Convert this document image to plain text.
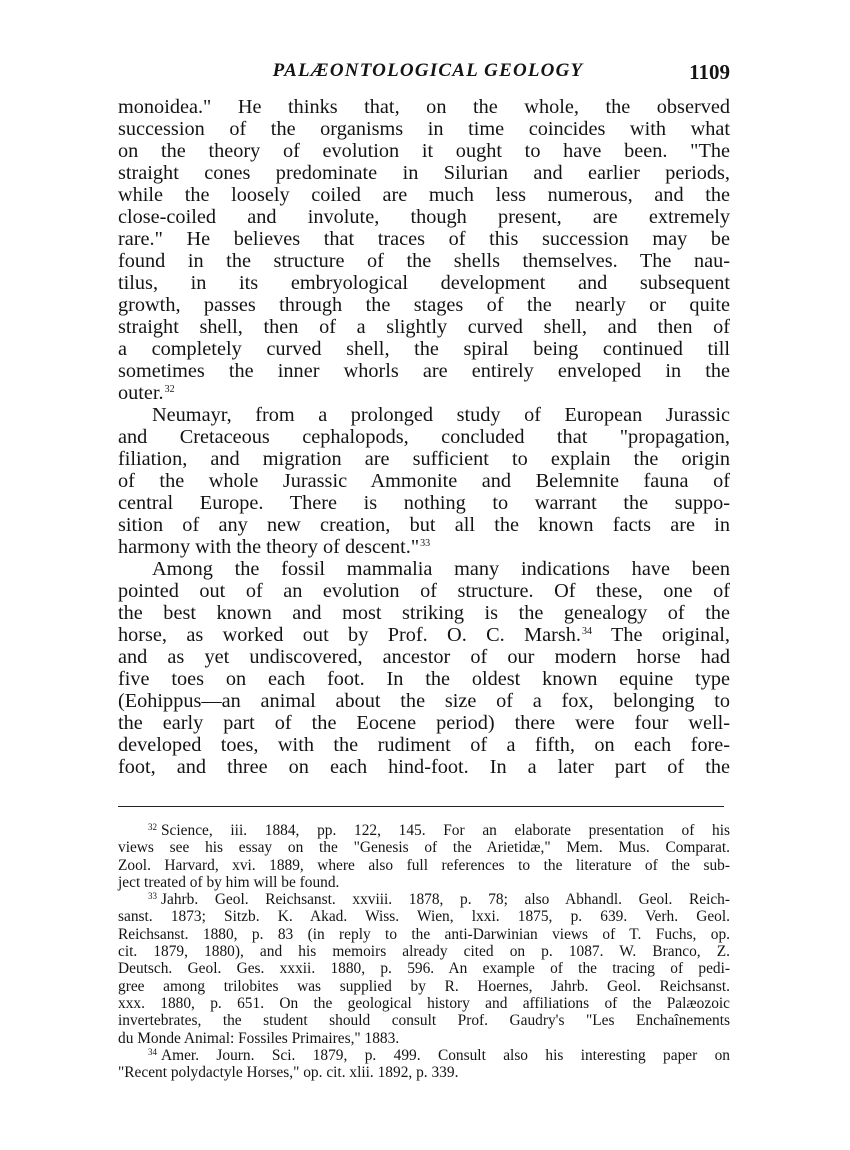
PALÆONTOLOGICAL GEOLOGY	1109
monoidea." He thinks that, on the whole, the observed
succession of the organisms in time coincides with what
on the theory of evolution it ought to have been. "The
straight cones predominate in Silurian and earlier periods,
while the loosely coiled are much less numerous, and the
close-coiled and involute, though present, are extremely
rare." He believes that traces of this succession may be
found in the structure of the shells themselves. The nau-
tilus, in its embryological development and subsequent
growth, passes through the stages of the nearly or quite
straight shell, then of a slightly curved shell, and then of
a completely curved shell, the spiral being continued till
sometimes the inner whorls are entirely enveloped in the
outer.$^{32}$
Neumayr, from a prolonged study of European Jurassic
and Cretaceous cephalopods, concluded that "propagation,
filiation, and migration are sufficient to explain the origin
of the whole Jurassic Ammonite and Belemnite fauna of
central Europe. There is nothing to warrant the suppo-
sition of any new creation, but all the known facts are in
harmony with the theory of descent."$^{33}$
Among the fossil mammalia many indications have been
pointed out of an evolution of structure. Of these, one of
the best known and most striking is the genealogy of the
horse, as worked out by Prof. O. C. Marsh.$^{34}$ The original,
and as yet undiscovered, ancestor of our modern horse had
five toes on each foot. In the oldest known equine type
(Eohippus—an animal about the size of a fox, belonging to
the early part of the Eocene period) there were four well-
developed toes, with the rudiment of a fifth, on each fore-
foot, and three on each hind-foot. In a later part of the
$^{32}$ Science, iii. 1884, pp. 122, 145. For an elaborate presentation of his
views see his essay on the "Genesis of the Arietidæ," Mem. Mus. Comparat.
Zool. Harvard, xvi. 1889, where also full references to the literature of the sub-
ject treated of by him will be found.
$^{33}$ Jahrb. Geol. Reichsanst. xxviii. 1878, p. 78; also Abhandl. Geol. Reich-
sanst. 1873; Sitzb. K. Akad. Wiss. Wien, lxxi. 1875, p. 639. Verh. Geol.
Reichsanst. 1880, p. 83 (in reply to the anti-Darwinian views of T. Fuchs, op.
cit. 1879, 1880), and his memoirs already cited on p. 1087. W. Branco, Z.
Deutsch. Geol. Ges. xxxii. 1880, p. 596. An example of the tracing of pedi-
gree among trilobites was supplied by R. Hoernes, Jahrb. Geol. Reichsanst.
xxx. 1880, p. 651. On the geological history and affiliations of the Palæozoic
invertebrates, the student should consult Prof. Gaudry's "Les Enchaînements
du Monde Animal: Fossiles Primaires," 1883.
$^{34}$ Amer. Journ. Sci. 1879, p. 499. Consult also his interesting paper on
"Recent polydactyle Horses," op. cit. xlii. 1892, p. 339.
